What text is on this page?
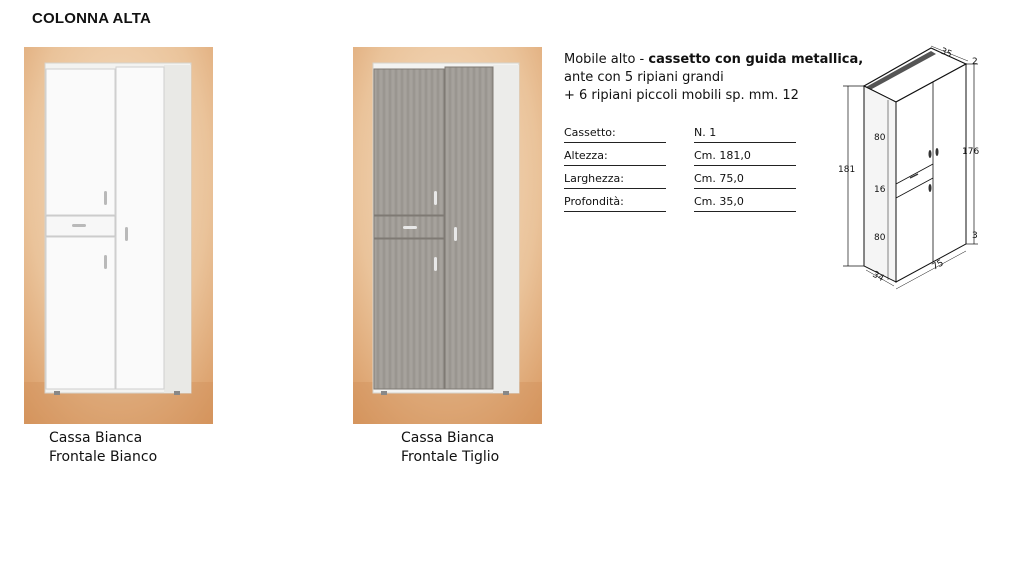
COLONNA ALTA
Cassa Bianca
Frontale Bianco
Cassa Bianca
Frontale Tiglio
Mobile alto - cassetto con guida metallica,
ante con 5 ripiani grandi
+ 6 ripiani piccoli mobili sp. mm. 12
Cassetto:	N. 1
Altezza:	Cm. 181,0
Larghezza:	Cm. 75,0
Profondità:	Cm. 35,0
35
2
181
176
80
16
80	3
34
75
